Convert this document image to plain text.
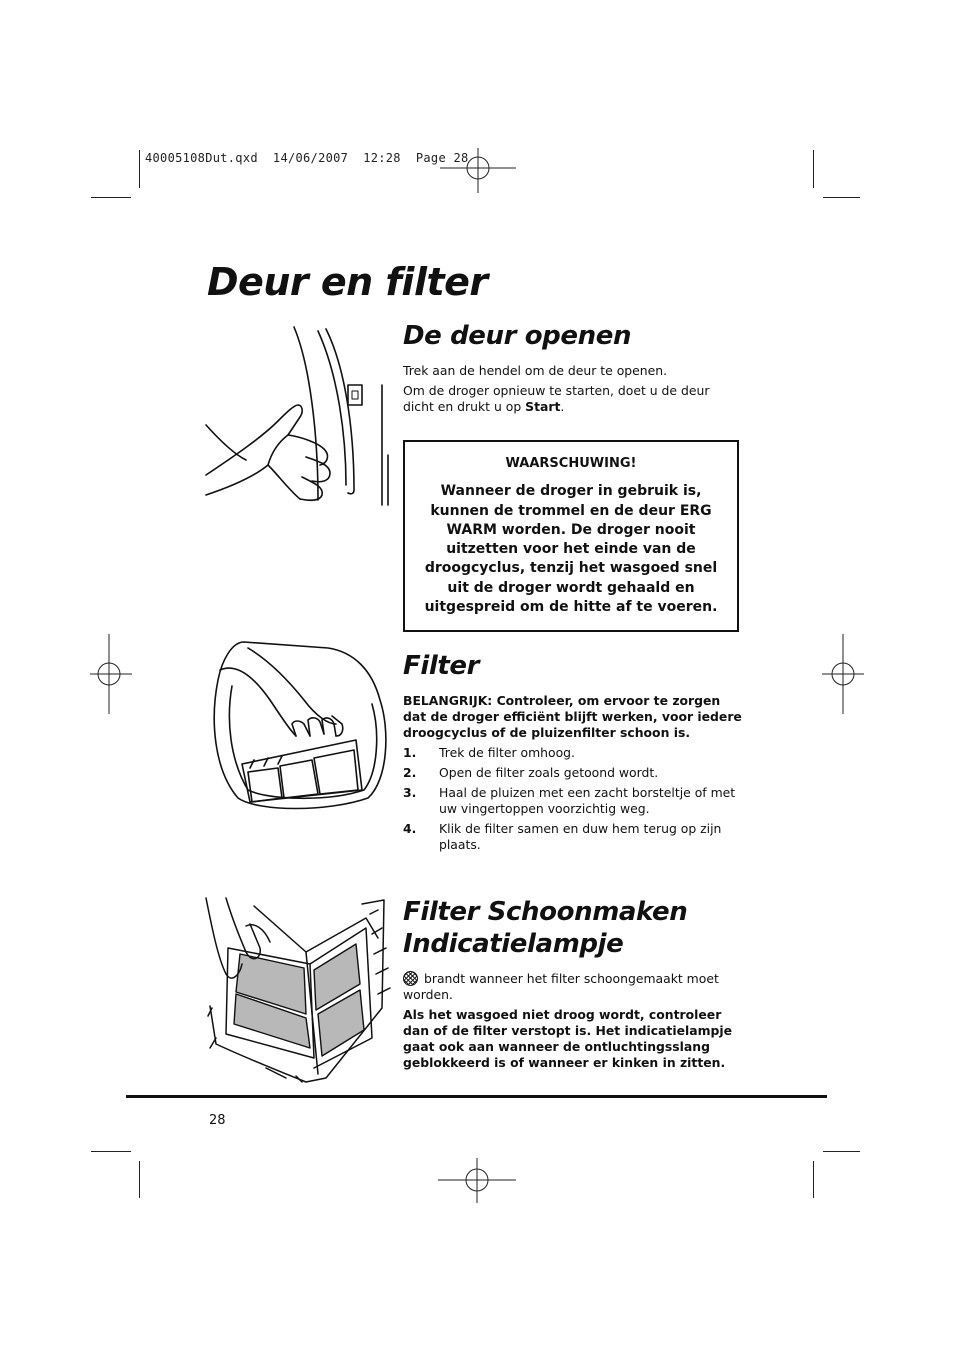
40005108Dut.qxd  14/06/2007  12:28  Page 28
Deur en filter
De deur openen

Trek aan de hendel om de deur te openen.

Om de droger opnieuw te starten, doet u de deur dicht en drukt u op Start.

WAARSCHUWING!
Wanneer de droger in gebruik is, kunnen de trommel en de deur ERG WARM worden. De droger nooit uitzetten voor het einde van de droogcyclus, tenzij het wasgoed snel uit de droger wordt gehaald en uitgespreid om de hitte af te voeren.
Filter

BELANGRIJK: Controleer, om ervoor te zorgen dat de droger efficiënt blijft werken, voor iedere droogcyclus of de pluizenfilter schoon is.

1. Trek de filter omhoog.
2. Open de filter zoals getoond wordt.
3. Haal de pluizen met een zacht borsteltje of met uw vingertoppen voorzichtig weg.
4. Klik de filter samen en duw hem terug op zijn plaats.
Filter Schoonmaken
Indicatielampje

brandt wanneer het filter schoongemaakt moet worden.

Als het wasgoed niet droog wordt, controleer dan of de filter verstopt is. Het indicatielampje gaat ook aan wanneer de ontluchtingsslang geblokkeerd is of wanneer er kinken in zitten.

28
